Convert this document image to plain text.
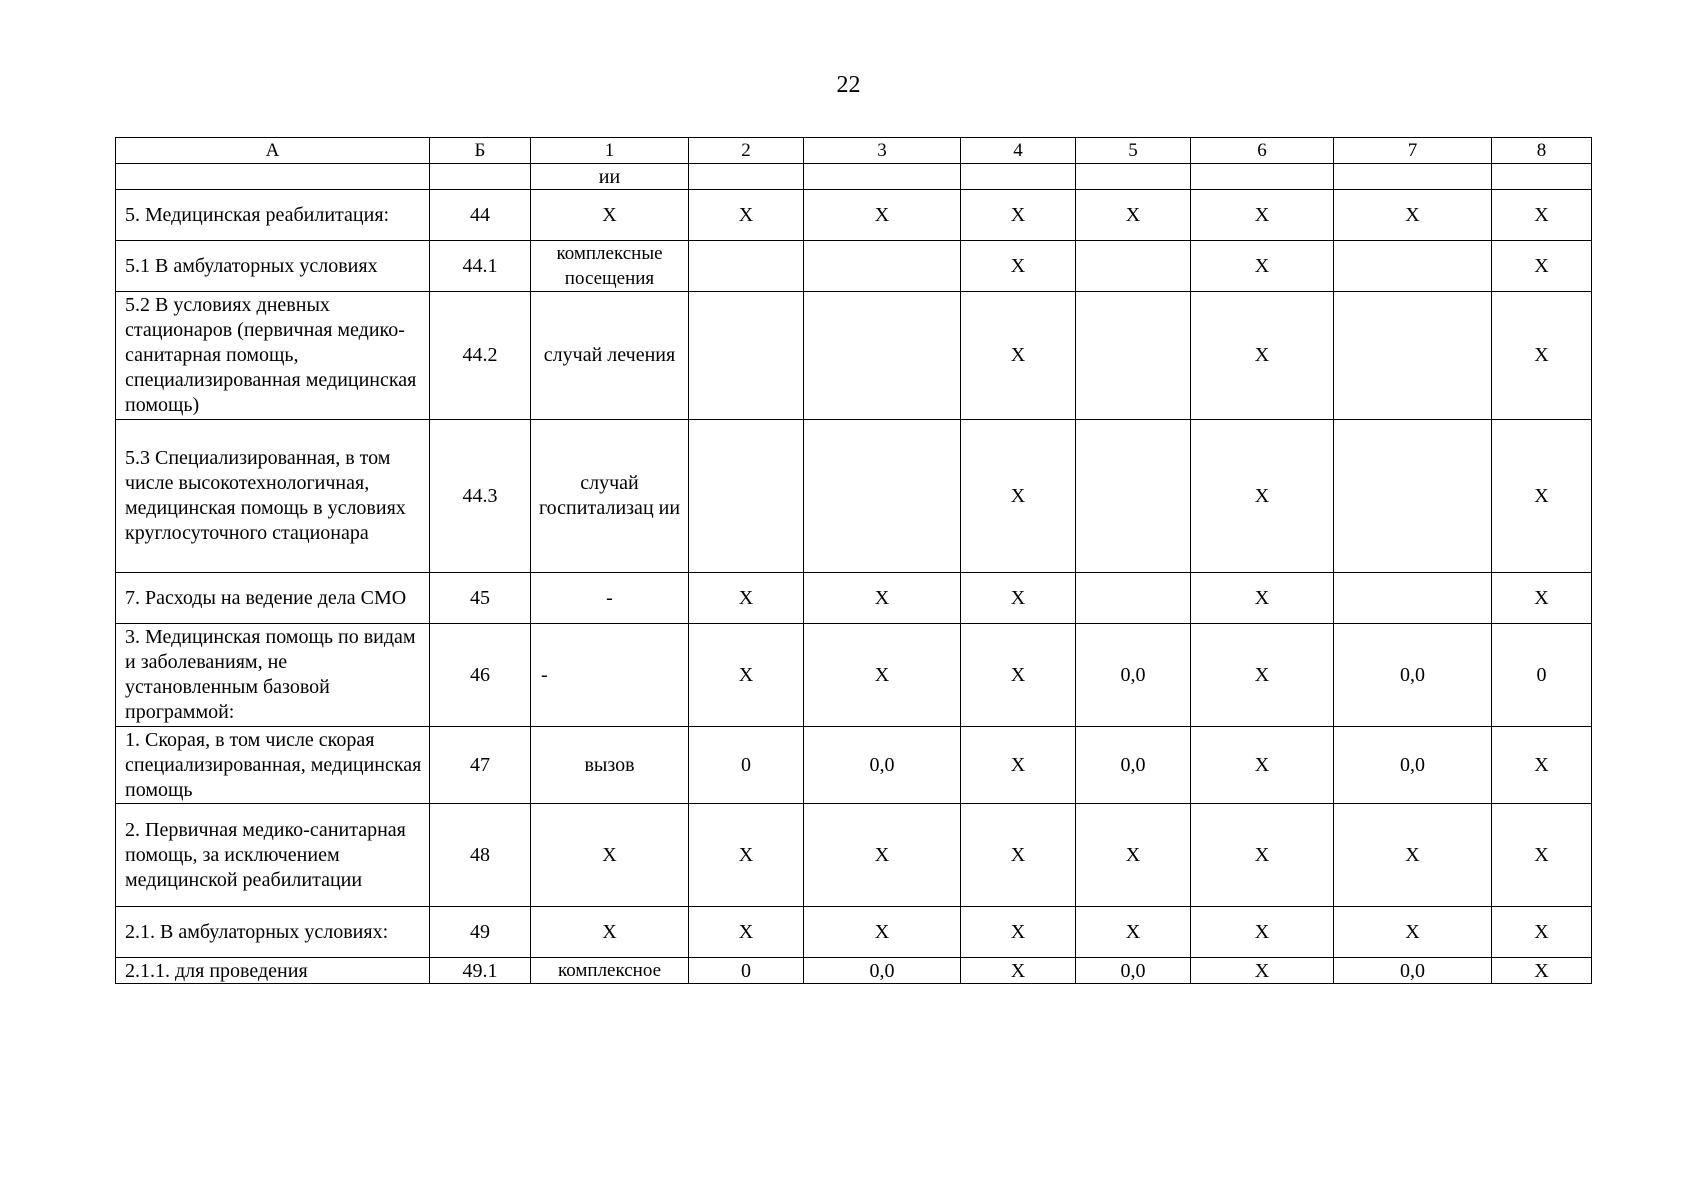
22
А	Б	1	2	3	4	5	6	7	8
		ии							
5. Медицинская реабилитация:	44	Х	Х	Х	Х	Х	Х	Х	Х
5.1 В амбулаторных условиях	44.1	комплексные посещения			Х		Х		Х
5.2 В условиях дневных стационаров (первичная медико-санитарная помощь, специализированная медицинская помощь)	44.2	случай лечения			Х		Х		Х
5.3 Специализированная, в том числе высокотехнологичная, медицинская помощь в условиях круглосуточного стационара	44.3	случай госпитализац ии			Х		Х		Х
7. Расходы на ведение дела СМО	45	-	Х	Х	Х		Х		Х
3. Медицинская помощь по видам и заболеваниям, не установленным базовой программой:	46	-	Х	Х	Х	0,0	Х	0,0	0
1. Скорая, в том числе скорая специализированная, медицинская помощь	47	вызов	0	0,0	Х	0,0	Х	0,0	Х
2. Первичная медико-санитарная помощь, за исключением медицинской реабилитации	48	Х	Х	Х	Х	Х	Х	Х	Х
2.1. В амбулаторных условиях:	49	Х	Х	Х	Х	Х	Х	Х	Х
2.1.1. для проведения	49.1	комплексное	0	0,0	Х	0,0	Х	0,0	Х
